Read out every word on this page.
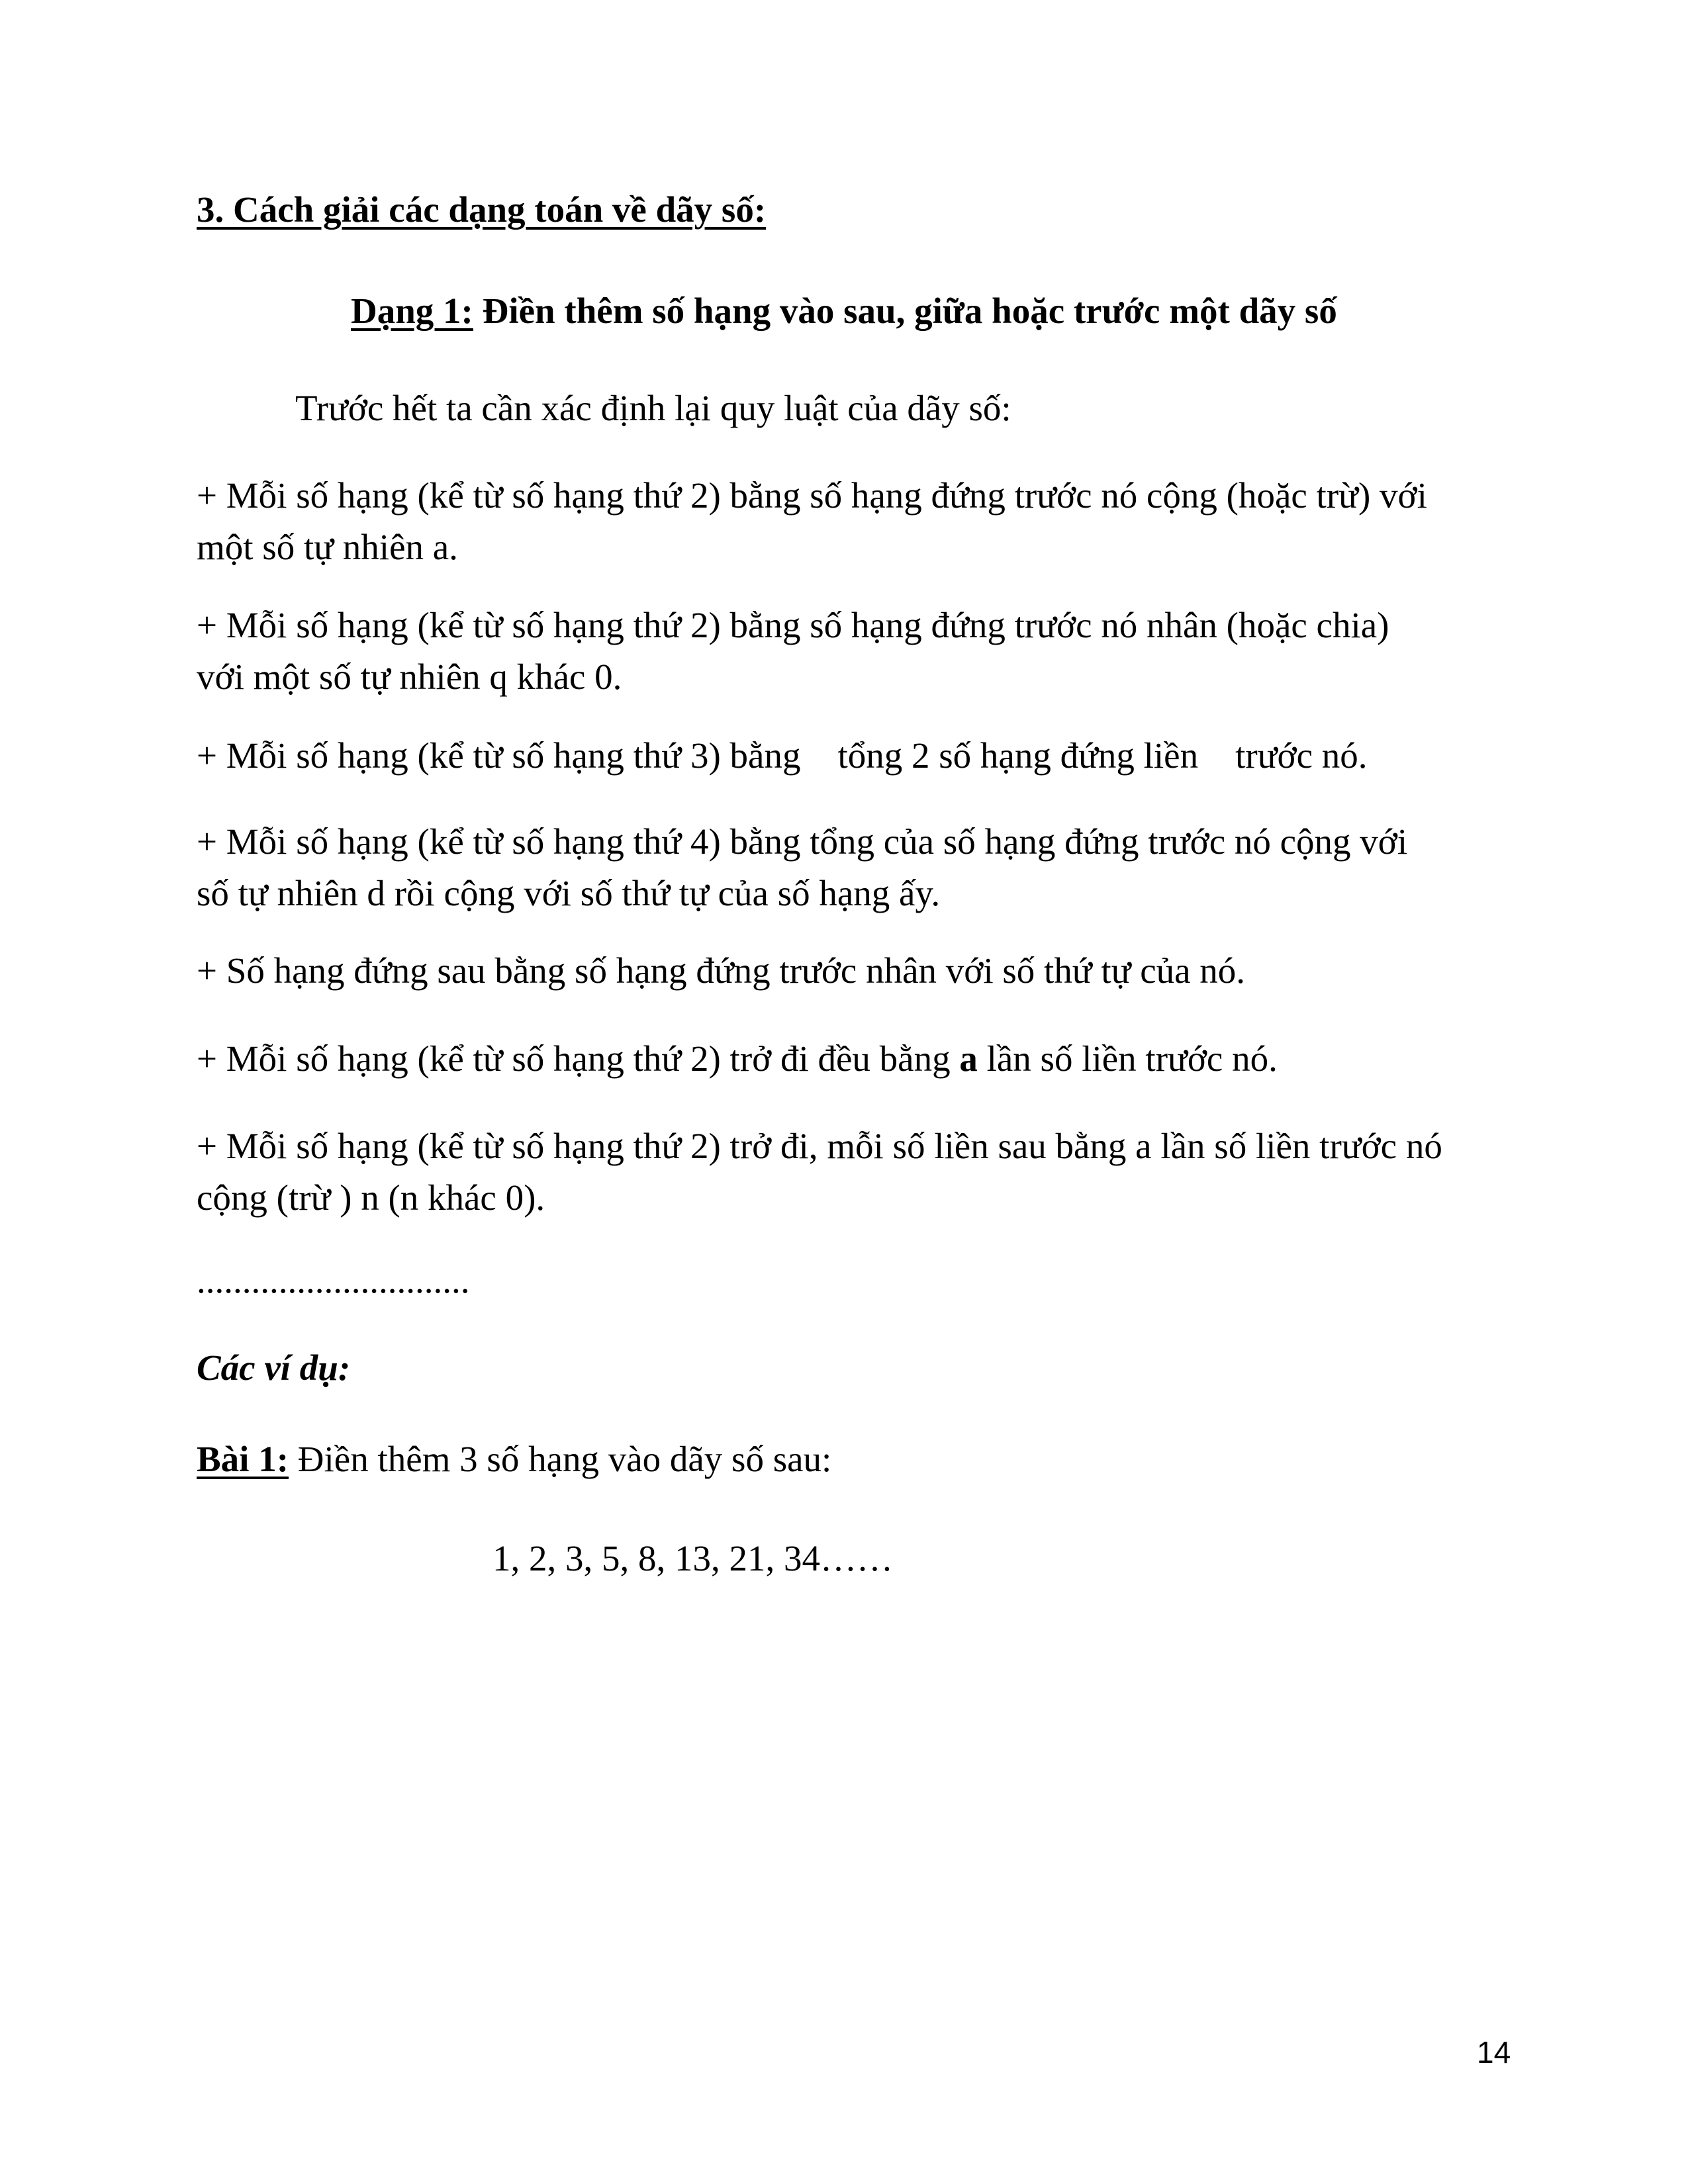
3. Cách giải các dạng toán về dãy số:
Dạng 1: Điền thêm số hạng vào sau, giữa hoặc trước một dãy số
Trước hết ta cần xác định lại quy luật của dãy số:
+ Mỗi số hạng (kể từ số hạng thứ 2) bằng số hạng đứng trước nó cộng (hoặc trừ) với
một số tự nhiên a.
+ Mỗi số hạng (kể từ số hạng thứ 2) bằng số hạng đứng trước nó nhân (hoặc chia)
với một số tự nhiên q khác 0.
+ Mỗi số hạng (kể từ số hạng thứ 3) bằng tổng 2 số hạng đứng liền trước nó.
+ Mỗi số hạng (kể từ số hạng thứ 4) bằng tổng của số hạng đứng trước nó cộng với
số tự nhiên d rồi cộng với số thứ tự của số hạng ấy.
+ Số hạng đứng sau bằng số hạng đứng trước nhân với số thứ tự của nó.
+ Mỗi số hạng (kể từ số hạng thứ 2) trở đi đều bằng a lần số liền trước nó.
+ Mỗi số hạng (kể từ số hạng thứ 2) trở đi, mỗi số liền sau bằng a lần số liền trước nó
cộng (trừ ) n (n khác 0).
..............................
Các ví dụ:
Bài 1: Điền thêm 3 số hạng vào dãy số sau:
1, 2, 3, 5, 8, 13, 21, 34……
14
